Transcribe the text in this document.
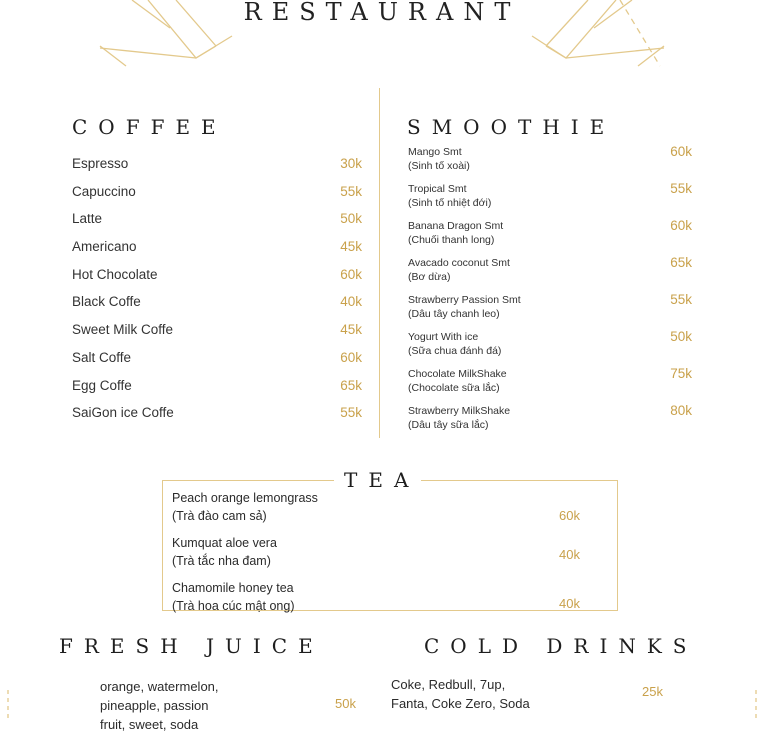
RESTAURANT
COFFEE
Espresso	30k
Capuccino	55k
Latte	50k
Americano	45k
Hot Chocolate	60k
Black Coffe	40k
Sweet Milk Coffe	45k
Salt Coffe	60k
Egg Coffe	65k
SaiGon ice Coffe	55k
SMOOTHIE
Mango Smt
(Sinh tố xoài)
60k
Tropical Smt
(Sinh tố nhiệt đới)
55k
Banana Dragon Smt
(Chuối thanh long)
60k
Avacado coconut Smt
(Bơ dừa)
65k
Strawberry Passion Smt
(Dâu tây chanh leo)
55k
Yogurt With ice
(Sữa chua đánh đá)
50k
Chocolate MilkShake
(Chocolate sữa lắc)
75k
Strawberry MilkShake
(Dâu tây sữa lắc)
80k
Peach orange lemongrass
(Trà đào cam sả)	60k
Kumquat aloe vera
(Trà tắc nha đam)	40k
Chamomile honey tea
(Trà hoa cúc mật ong)	40k
TEA
FRESH JUICE
orange, watermelon,
pineapple, passion
fruit, sweet, soda
50k
COLD DRINKS
Coke, Redbull, 7up,
Fanta, Coke Zero, Soda
25k
